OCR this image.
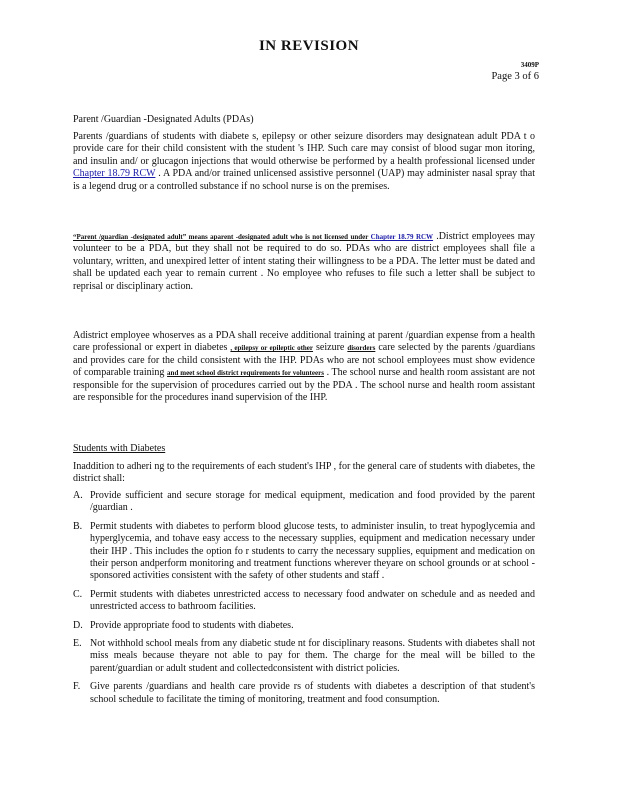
IN REVISION
3409P
Page 3 of 6
Parent /Guardian -Designated Adults (PDAs)

Parents /guardians of students with diabete s, epilepsy or other seizure disorders may designatean adult PDA t o provide care for their child consistent with the student 's IHP. Such care may consist of blood sugar mon itoring, and insulin and/ or glucagon injections that would otherwise be performed by a health professional licensed under Chapter 18.79 RCW . A PDA and/or trained unlicensed assistive personnel (UAP) may administer nasal spray that is a legend drug or a controlled substance if no school nurse is on the premises.

“Parent /guardian -designated adult” means aparent -designated adult who is not licensed under Chapter 18.79 RCW .District employees may volunteer to be a PDA, but they shall not be required to do so. PDAs who are district employees shall file a voluntary, written, and unexpired letter of intent stating their willingness to be a PDA. The letter must be dated and shall be updated each year to remain current . No employee who refuses to file such a letter shall be subject to reprisal or disciplinary action.

Adistrict employee whoserves as a PDA shall receive additional training at parent /guardian expense from a health care professional or expert in diabetes , epilepsy or epileptic other seizure disorders care selected by the parents /guardians and provides care for the child consistent with the IHP. PDAs who are not school employees must show evidence of comparable training and meet school district requirements for volunteers . The school nurse and health room assistant are not responsible for the supervision of procedures carried out by the PDA . The school nurse and health room assistant are responsible for the procedures inand supervision of the IHP.

Students with Diabetes

Inaddition to adheri ng to the requirements of each student's IHP , for the general care of students with diabetes, the district shall:

A. Provide sufficient and secure storage for medical equipment, medication and food provided by the parent /guardian .
B. Permit students with diabetes to perform blood glucose tests, to administer insulin, to treat hypoglycemia and hyperglycemia, and tohave easy access to the necessary supplies, equipment and medication necessary under their IHP . This includes the option fo r students to carry the necessary supplies, equipment and medication on their person andperform monitoring and treatment functions wherever theyare on school grounds or at school -sponsored activities consistent with the safety of other students and staff .
C. Permit students with diabetes unrestricted access to necessary food andwater on schedule and as needed and unrestricted access to bathroom facilities.
D. Provide appropriate food to students with diabetes.
E. Not withhold school meals from any diabetic stude nt for disciplinary reasons. Students with diabetes shall not miss meals because theyare not able to pay for them. The charge for the meal will be billed to the parent/guardian or adult student and collectedconsistent with district policies.
F. Give parents /guardians and health care provide rs of students with diabetes a description of that student's school schedule to facilitate the timing of monitoring, treatment and food consumption.
